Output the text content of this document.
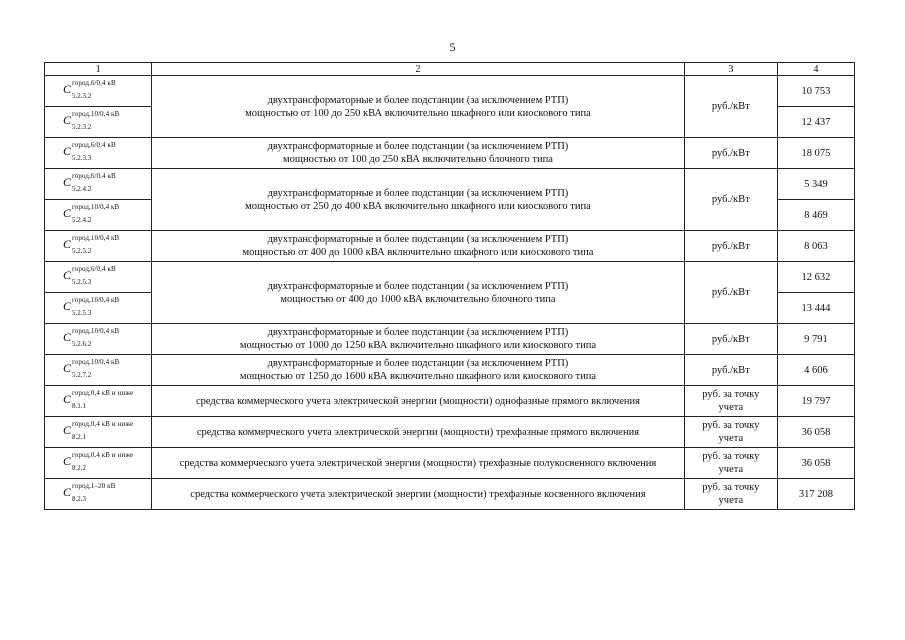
5
1	2	3	4

C город,6/0,4 кВ
5.2.3.2	двухтрансформаторные и более подстанции (за исключением РТП)
мощностью от 100 до 250 кВА включительно шкафного или киоскового типа	руб./кВт	10 753

C город,10/0,4 кВ
5.2.3.2			12 437

C город,6/0,4 кВ
5.2.3.3	двухтрансформаторные и более подстанции (за исключением РТП)
мощностью от 100 до 250 кВА включительно блочного типа	руб./кВт	18 075

C город,6/0,4 кВ
5.2.4.2	двухтрансформаторные и более подстанции (за исключением РТП)
мощностью от 250 до 400 кВА включительно шкафного или киоскового типа	руб./кВт	5 349

C город,10/0,4 кВ
5.2.4.2			8 469

C город,10/0,4 кВ
5.2.5.2	двухтрансформаторные и более подстанции (за исключением РТП)
мощностью от 400 до 1000 кВА включительно шкафного или киоскового типа	руб./кВт	8 063

C город,6/0,4 кВ
5.2.5.3	двухтрансформаторные и более подстанции (за исключением РТП)
мощностью от 400 до 1000 кВА включительно блочного типа	руб./кВт	12 632

C город,10/0,4 кВ
5.2.5.3			13 444

C город,10/0,4 кВ
5.2.6.2	двухтрансформаторные и более подстанции (за исключением РТП)
мощностью от 1000 до 1250 кВА включительно шкафного или киоскового типа	руб./кВт	9 791

C город,10/0,4 кВ
5.2.7.2	двухтрансформаторные и более подстанции (за исключением РТП)
мощностью от 1250 до 1600 кВА включительно шкафного или киоскового типа	руб./кВт	4 606

C город,0,4 кВ и ниже
8.1.1	средства коммерческого учета электрической энергии (мощности) однофазные прямого включения	руб. за точку
учета	19 797

C город,0,4 кВ и ниже
8.2.1	средства коммерческого учета электрической энергии (мощности) трехфазные прямого включения	руб. за точку
учета	36 058

C город,0,4 кВ и ниже
8.2.2	средства коммерческого учета электрической энергии (мощности) трехфазные полукосвенного включения	руб. за точку
учета	36 058

C город,1–20 кВ
8.2.3	средства коммерческого учета электрической энергии (мощности) трехфазные косвенного включения	руб. за точку
учета	317 208
